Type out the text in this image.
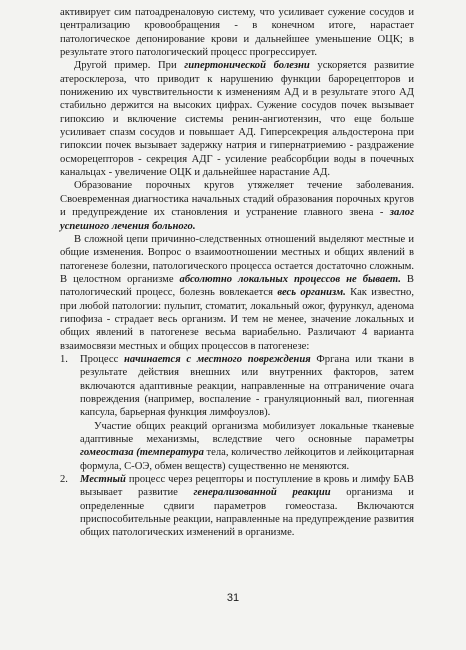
активирует сим патоадреналовую систему, что усиливает сужение сосудов и централизацию кровообращения - в конечном итоге, нарастает патологическое депонирование крови и дальнейшее уменьшение ОЦК; в результате этого патологический процесс прогрессирует.

Другой пример. При гипертонической болезни ускоряется развитие атеросклероза, что приводит к нарушению функции барорецепторов и понижению их чувствительности к изменениям АД и в результате этого АД стабильно держится на высоких цифрах. Сужение сосудов почек вызывает гипоксию и включение системы ренин-ангиотензин, что еще больше усиливает спазм сосудов и повышает АД. Гиперсекреция альдостерона при гипоксии почек вызывает задержку натрия и гипернатриемию - раздражение осморецепторов - секреция АДГ - усиление реабсорбции воды в почечных канальцах - увеличение ОЦК и дальнейшее нарастание АД.

Образование порочных кругов утяжеляет течение заболевания. Своевременная диагностика начальных стадий образования порочных кругов и предупреждение их становления и устранение главного звена - залог успешного лечения больного.

В сложной цепи причинно-следственных отношений выделяют местные и общие изменения. Вопрос о взаимоотношении местных и общих явлений в патогенезе болезни, патологического процесса остается достаточно сложным. В целостном организме абсолютно локальных процессов не бывает. В патологический процесс, болезнь вовлекается весь организм. Как известно, при любой патологии: пульпит, стоматит, локальный ожог, фурункул, аденома гипофиза - страдает весь организм. И тем не менее, значение локальных и общих явлений в патогенезе весьма вариабельно. Различают 4 варианта взаимосвязи местных и общих процессов в патогенезе:

1. Процесс начинается с местного повреждения Фргана или ткани в результате действия внешних или внутренних факторов, затем включаются адаптивные реакции, направленные на отграничение очага повреждения (например, воспаление - грануляционный вал, пиогенная капсула, барьерная функция лимфоузлов).

Участие общих реакций организма мобилизует локальные тканевые адаптивные механизмы, вследствие чего основные параметры гомеостаза (температура тела, количество лейкоцитов и лейкоцитарная формула, С-ОЭ, обмен веществ) существенно не меняются.

2. Местный процесс через рецепторы и поступление в кровь и лимфу БАВ вызывает развитие генерализованной реакции организма и определенные сдвиги параметров гомеостаза. Включаются приспособительные реакции, направленные на предупреждение развития общих патологических изменений в организме.

31
